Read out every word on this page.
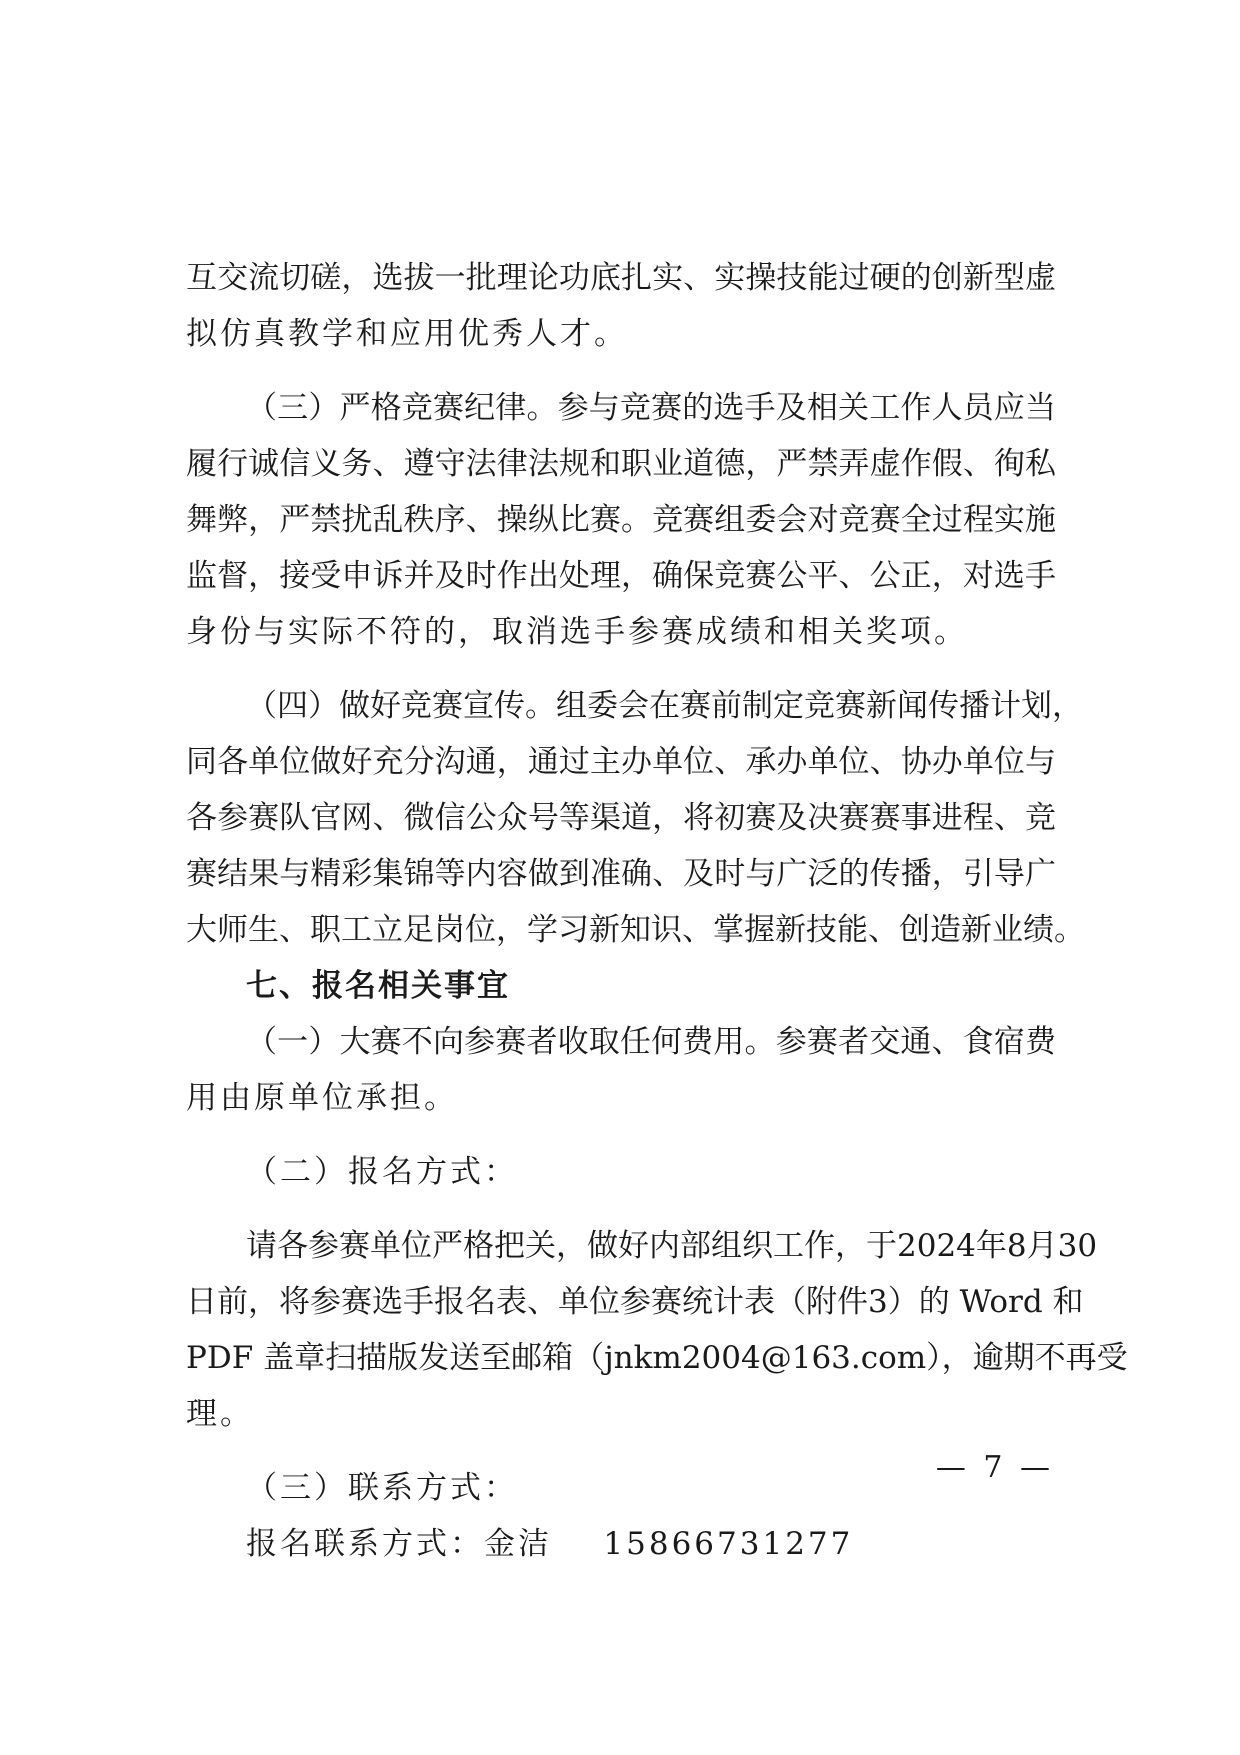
互交流切磋，选拔一批理论功底扎实、实操技能过硬的创新型虚
拟仿真教学和应用优秀人才。
（三）严格竞赛纪律。参与竞赛的选手及相关工作人员应当
履行诚信义务、遵守法律法规和职业道德，严禁弄虚作假、徇私
舞弊，严禁扰乱秩序、操纵比赛。竞赛组委会对竞赛全过程实施
监督，接受申诉并及时作出处理，确保竞赛公平、公正，对选手
身份与实际不符的，取消选手参赛成绩和相关奖项。
（四）做好竞赛宣传。组委会在赛前制定竞赛新闻传播计划，
同各单位做好充分沟通，通过主办单位、承办单位、协办单位与
各参赛队官网、微信公众号等渠道，将初赛及决赛赛事进程、竞
赛结果与精彩集锦等内容做到准确、及时与广泛的传播，引导广
大师生、职工立足岗位，学习新知识、掌握新技能、创造新业绩。
七、报名相关事宜
（一）大赛不向参赛者收取任何费用。参赛者交通、食宿费
用由原单位承担。
（二）报名方式：
请各参赛单位严格把关，做好内部组织工作，于2024年8月30
日前，将参赛选手报名表、单位参赛统计表（附件3）的 Word 和
PDF 盖章扫描版发送至邮箱（jnkm2004@163.com），逾期不再受
理。
（三）联系方式：
报名联系方式：金洁    15866731277
— 7 —
